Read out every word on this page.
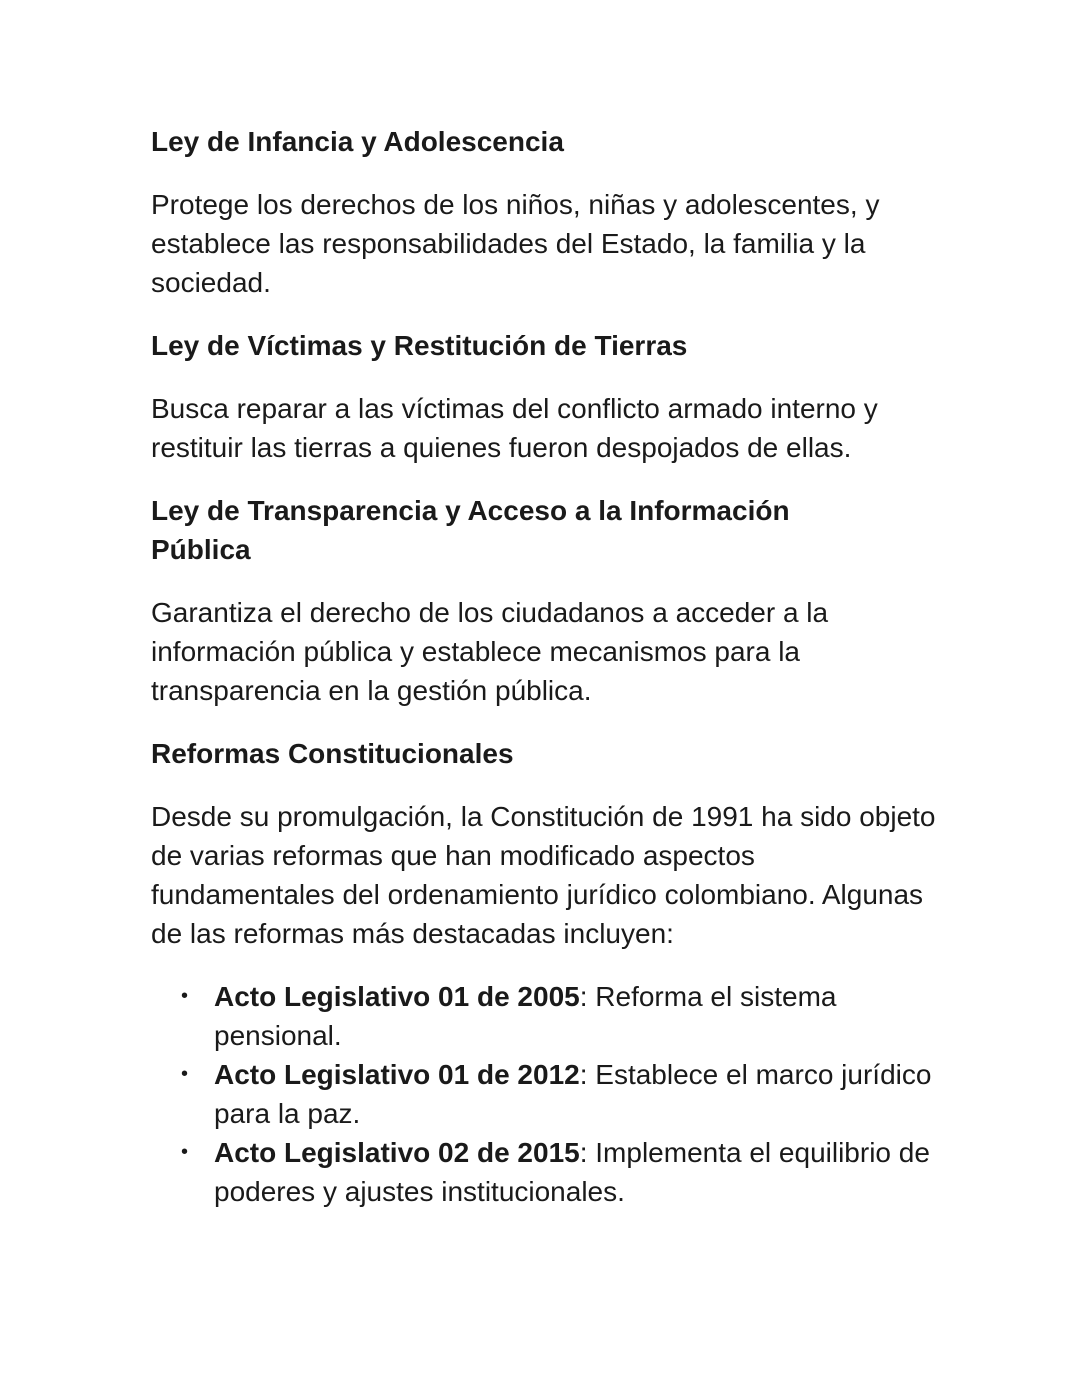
Ley de Infancia y Adolescencia

Protege los derechos de los niños, niñas y adolescentes, y establece las responsabilidades del Estado, la familia y la sociedad.

Ley de Víctimas y Restitución de Tierras

Busca reparar a las víctimas del conflicto armado interno y restituir las tierras a quienes fueron despojados de ellas.

Ley de Transparencia y Acceso a la Información Pública

Garantiza el derecho de los ciudadanos a acceder a la información pública y establece mecanismos para la transparencia en la gestión pública.

Reformas Constitucionales

Desde su promulgación, la Constitución de 1991 ha sido objeto de varias reformas que han modificado aspectos fundamentales del ordenamiento jurídico colombiano. Algunas de las reformas más destacadas incluyen:

• Acto Legislativo 01 de 2005: Reforma el sistema pensional.
• Acto Legislativo 01 de 2012: Establece el marco jurídico para la paz.
• Acto Legislativo 02 de 2015: Implementa el equilibrio de poderes y ajustes institucionales.
